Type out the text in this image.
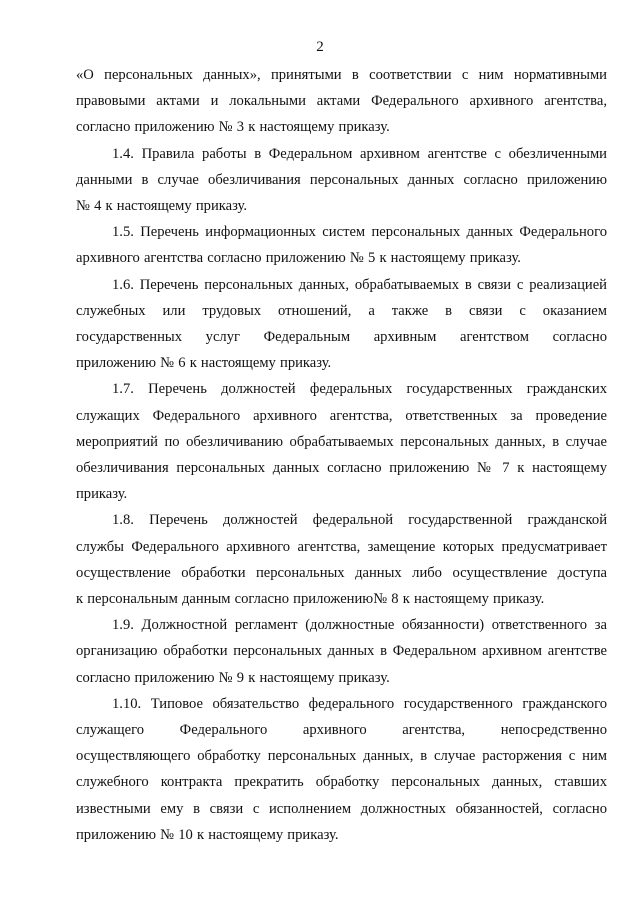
2
«О персональных данных», принятыми в соответствии с ним нормативными
правовыми актами и локальными актами Федерального архивного агентства,
согласно приложению № 3 к настоящему приказу.
1.4. Правила работы в Федеральном архивном агентстве с обезличенными
данными в случае обезличивания персональных данных согласно приложению
№ 4 к настоящему приказу.
1.5. Перечень информационных систем персональных данных Федерального
архивного агентства согласно приложению № 5 к настоящему приказу.
1.6. Перечень персональных данных, обрабатываемых в связи с реализацией
служебных или трудовых отношений, а также в связи с оказанием
государственных услуг Федеральным архивным агентством согласно
приложению № 6 к настоящему приказу.
1.7. Перечень должностей федеральных государственных гражданских
служащих Федерального архивного агентства, ответственных за проведение
мероприятий по обезличиванию обрабатываемых персональных данных, в случае
обезличивания персональных данных согласно приложению № 7 к настоящему
приказу.
1.8. Перечень должностей федеральной государственной гражданской
службы Федерального архивного агентства, замещение которых предусматривает
осуществление обработки персональных данных либо осуществление доступа
к персональным данным согласно приложению№ 8 к настоящему приказу.
1.9. Должностной регламент (должностные обязанности) ответственного за
организацию обработки персональных данных в Федеральном архивном агентстве
согласно приложению № 9 к настоящему приказу.
1.10. Типовое обязательство федерального государственного гражданского
служащего Федерального архивного агентства, непосредственно
осуществляющего обработку персональных данных, в случае расторжения с ним
служебного контракта прекратить обработку персональных данных, ставших
известными ему в связи с исполнением должностных обязанностей, согласно
приложению № 10 к настоящему приказу.
